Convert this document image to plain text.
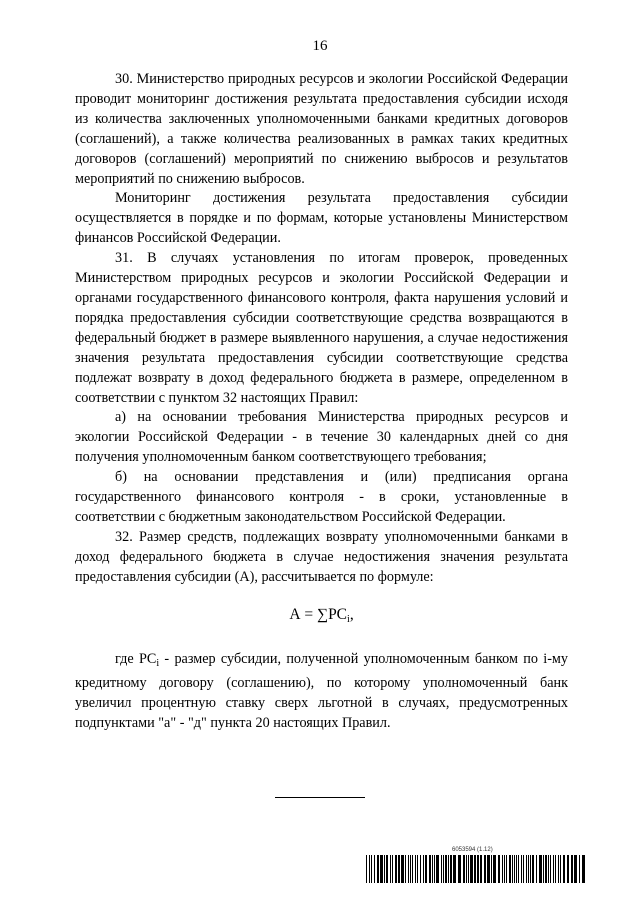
16

30. Министерство природных ресурсов и экологии Российской Федерации проводит мониторинг достижения результата предоставления субсидии исходя из количества заключенных уполномоченными банками кредитных договоров (соглашений), а также количества реализованных в рамках таких кредитных договоров (соглашений) мероприятий по снижению выбросов и результатов мероприятий по снижению выбросов.

Мониторинг достижения результата предоставления субсидии осуществляется в порядке и по формам, которые установлены Министерством финансов Российской Федерации.

31. В случаях установления по итогам проверок, проведенных Министерством природных ресурсов и экологии Российской Федерации и органами государственного финансового контроля, факта нарушения условий и порядка предоставления субсидии соответствующие средства возвращаются в федеральный бюджет в размере выявленного нарушения, а случае недостижения значения результата предоставления субсидии соответствующие средства подлежат возврату в доход федерального бюджета в размере, определенном в соответствии с пунктом 32 настоящих Правил:

а) на основании требования Министерства природных ресурсов и экологии Российской Федерации - в течение 30 календарных дней со дня получения уполномоченным банком соответствующего требования;

б) на основании представления и (или) предписания органа государственного финансового контроля - в сроки, установленные в соответствии с бюджетным законодательством Российской Федерации.

32. Размер средств, подлежащих возврату уполномоченными банками в доход федерального бюджета в случае недостижения значения результата предоставления субсидии (А), рассчитывается по формуле:

$А = \sum PC_i$,

где $PC_i$ - размер субсидии, полученной уполномоченным банком по i-му кредитному договору (соглашению), по которому уполномоченный банк увеличил процентную ставку сверх льготной в случаях, предусмотренных подпунктами "а" - "д" пункта 20 настоящих Правил.

6053594 (1.12)
